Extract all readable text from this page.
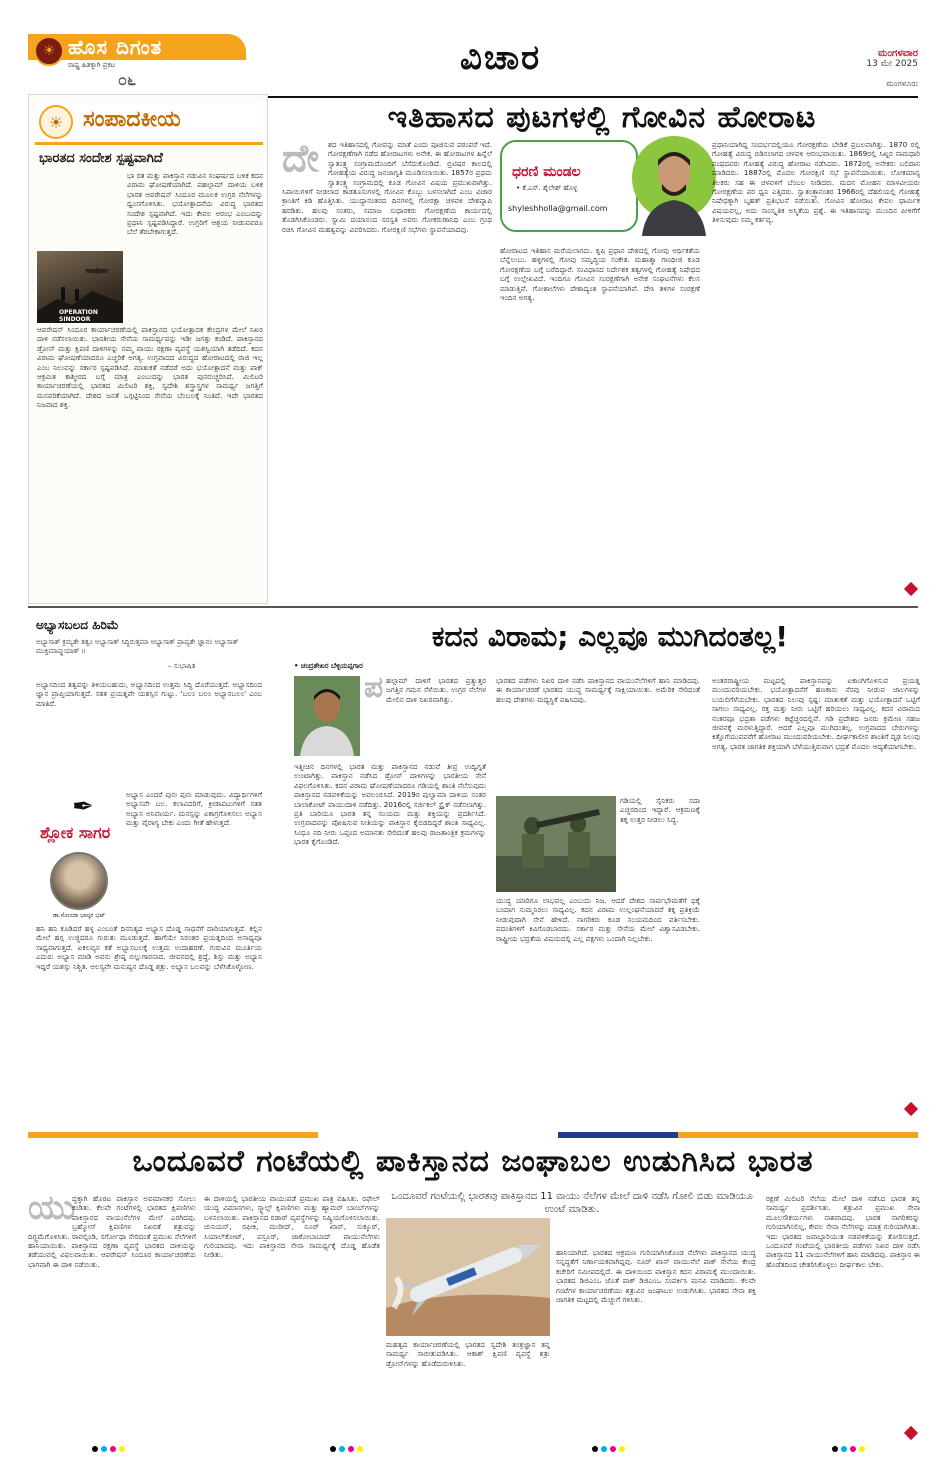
ಹೊಸ ದಿಗಂತ
☀
ರಾಷ್ಟ್ರ ಹಿತಕ್ಕಾಗಿ ಪ್ರಕಟ
೦೬
ವಿಚಾರ	ಮಂಗಳವಾರ
13 ಮೇ 2025
ಮಂಗಳೂರು
☀ ಸಂಪಾದಕೀಯ
ಭಾರತದ ಸಂದೇಶ ಸ್ಪಷ್ಟವಾಗಿದೆ
ಭಾ ರತ ಮತ್ತು ಪಾಕಿಸ್ತಾನ ನಡುವಿನ ಸಂಘರ್ಷದ ಬಳಿಕ ಕದನ ವಿರಾಮ ಘೋಷಣೆಯಾಗಿದೆ. ಪಹಲ್ಗಾಮ್ ದಾಳಿಯ ಬಳಿಕ ಭಾರತ ಆಪರೇಷನ್ ಸಿಂದೂರ ಮೂಲಕ ಉಗ್ರರ ನೆಲೆಗಳನ್ನು ಧ್ವಂಸಗೊಳಿಸಿತು. ಭಯೋತ್ಪಾದನೆಯ ವಿರುದ್ಧ ಭಾರತದ ಸಂದೇಶ ಸ್ಪಷ್ಟವಾಗಿದೆ. ಇದು ಕೇವಲ ಆರಂಭ ಎಂಬುದನ್ನು ಪ್ರಧಾನಿ ಸ್ಪಷ್ಟಪಡಿಸಿದ್ದಾರೆ. ಉಗ್ರರಿಗೆ ಆಶ್ರಯ ನೀಡುವವರೂ ಬೆಲೆ ತೆರಬೇಕಾಗುತ್ತದೆ.
OPERATION SINDOOR
ಆಪರೇಷನ್ ಸಿಂದೂರ ಕಾರ್ಯಾಚರಣೆಯಲ್ಲಿ ಪಾಕಿಸ್ತಾನದ ಭಯೋತ್ಪಾದಕ ಕೇಂದ್ರಗಳ ಮೇಲೆ ನಿಖರ ದಾಳಿ ನಡೆಸಲಾಯಿತು. ಭಾರತೀಯ ಸೇನೆಯ ಸಾಮರ್ಥ್ಯವನ್ನು ಇಡೀ ಜಗತ್ತು ಕಂಡಿದೆ. ಪಾಕಿಸ್ತಾನದ ಡ್ರೋನ್ ಮತ್ತು ಕ್ಷಿಪಣಿ ದಾಳಿಗಳನ್ನು ನಮ್ಮ ವಾಯು ರಕ್ಷಣಾ ವ್ಯವಸ್ಥೆ ಯಶಸ್ವಿಯಾಗಿ ತಡೆದಿದೆ. ಕದನ ವಿರಾಮ ಘೋಷಣೆಯಾದರೂ ಎಚ್ಚರಿಕೆ ಅಗತ್ಯ. ಉಗ್ರವಾದದ ವಿರುದ್ಧದ ಹೋರಾಟದಲ್ಲಿ ರಾಜಿ ಇಲ್ಲ ಎಂಬ ನಿಲುವನ್ನು ಸರ್ಕಾರ ಸ್ಪಷ್ಟಪಡಿಸಿದೆ. ಮಾತುಕತೆ ನಡೆದರೆ ಅದು ಭಯೋತ್ಪಾದನೆ ಮತ್ತು ಪಾಕ್ ಆಕ್ರಮಿತ ಕಾಶ್ಮೀರದ ಬಗ್ಗೆ ಮಾತ್ರ ಎಂಬುದನ್ನು ಭಾರತ ಪುನರುಚ್ಚರಿಸಿದೆ. ಮಿಲಿಟರಿ ಕಾರ್ಯಾಚರಣೆಯಲ್ಲಿ ಭಾರತದ ಮಿಲಿಟರಿ ಶಕ್ತಿ, ಸ್ವದೇಶಿ ಶಸ್ತ್ರಾಸ್ತ್ರಗಳ ಸಾಮರ್ಥ್ಯ ಜಗತ್ತಿಗೆ ಮನವರಿಕೆಯಾಗಿದೆ. ದೇಶದ ಜನತೆ ಒಗ್ಗಟ್ಟಿನಿಂದ ಸೇನೆಯ ಬೆಂಬಲಕ್ಕೆ ನಿಂತಿದೆ. ಇದೇ ಭಾರತದ ನಿಜವಾದ ಶಕ್ತಿ.
ಇತಿಹಾಸದ ಪುಟಗಳಲ್ಲಿ ಗೋವಿನ ಹೋರಾಟ
ದೇ	ಶದ ಇತಿಹಾಸದಲ್ಲಿ ಗೋವನ್ನು ಮಾತೆ ಎಂದು ಪೂಜಿಸುವ ಪರಂಪರೆ ಇದೆ. ಗೋರಕ್ಷಣೆಗಾಗಿ ನಡೆದ ಹೋರಾಟಗಳು ಅನೇಕ. ಈ ಹೋರಾಟಗಳ ಹಿನ್ನೆಲೆ ಸ್ವಾತಂತ್ರ್ಯ ಸಂಗ್ರಾಮದೊಂದಿಗೆ ಬೆಸೆದುಕೊಂಡಿದೆ. ಬ್ರಿಟಿಷರ ಕಾಲದಲ್ಲಿ ಗೋಹತ್ಯೆಯ ವಿರುದ್ಧ ಜನಜಾಗೃತಿ ಮೂಡಿಸಲಾಯಿತು. 1857ರ ಪ್ರಥಮ ಸ್ವಾತಂತ್ರ್ಯ ಸಂಗ್ರಾಮದಲ್ಲಿ ಕೂಡ ಗೋವಿನ ವಿಷಯ ಪ್ರಮುಖವಾಗಿತ್ತು. ಸಿಪಾಯಿಗಳಿಗೆ ನೀಡಲಾದ ಕಾಡತೂಸುಗಳಲ್ಲಿ ಗೋವಿನ ಕೊಬ್ಬು ಬಳಸಲಾಗಿದೆ ಎಂಬ ವಿಚಾರ ಕ್ರಾಂತಿಗೆ ಕಿಡಿ ಹೊತ್ತಿಸಿತು. ಯುದ್ಧಾನಂತರದ ದಿನಗಳಲ್ಲಿ ಗೋರಕ್ಷಾ ಚಳವಳಿ ದೇಶವ್ಯಾಪಿ ಹರಡಿತು. ಹಲವು ಸಂತರು, ಸಮಾಜ ಸುಧಾರಕರು ಗೋರಕ್ಷಣೆಯ ಕಾರ್ಯದಲ್ಲಿ ತೊಡಗಿಸಿಕೊಂಡರು. ಸ್ವಾಮಿ ದಯಾನಂದ ಸರಸ್ವತಿ ಅವರು ಗೋಕರುಣಾನಿಧಿ ಎಂಬ ಗ್ರಂಥ ರಚಿಸಿ ಗೋವಿನ ಮಹತ್ವವನ್ನು ವಿವರಿಸಿದರು. ಗೋರಕ್ಷಿಣಿ ಸಭೆಗಳು ಸ್ಥಾಪನೆಯಾದವು.
ಧರಣಿ ಮಂಡಲ
• ಕೆ.ಎಸ್. ಶೈಲೇಶ್ ಹೊಳ್ಳ
shyleshholla@gmail.com
ಹೋರಾಟದ ಇತಿಹಾಸ ಮರೆಯಲಾಗದು. ಕೃಷಿ ಪ್ರಧಾನ ದೇಶದಲ್ಲಿ ಗೋವು ಆರ್ಥಿಕತೆಯ ಬೆನ್ನೆಲುಬು. ಹಳ್ಳಿಗಳಲ್ಲಿ ಗೋವು ಸಮೃದ್ಧಿಯ ಸಂಕೇತ. ಮಹಾತ್ಮಾ ಗಾಂಧೀಜಿ ಕೂಡ ಗೋರಕ್ಷಣೆಯ ಬಗ್ಗೆ ಬರೆದಿದ್ದಾರೆ. ಸಂವಿಧಾನದ ನಿರ್ದೇಶಕ ತತ್ವಗಳಲ್ಲಿ ಗೋಹತ್ಯೆ ನಿಷೇಧದ ಬಗ್ಗೆ ಉಲ್ಲೇಖವಿದೆ. ಇಂದಿಗೂ ಗೋವಿನ ಸಂರಕ್ಷಣೆಗಾಗಿ ಅನೇಕ ಸಂಘಟನೆಗಳು ಕೆಲಸ ಮಾಡುತ್ತಿವೆ. ಗೋಶಾಲೆಗಳು ದೇಶಾದ್ಯಂತ ಸ್ಥಾಪನೆಯಾಗಿವೆ. ದೇಸಿ ತಳಿಗಳ ಸಂರಕ್ಷಣೆ ಇಂದಿನ ಅಗತ್ಯ.
ಪ್ರಧಾನಿಯಾಗಿದ್ದ ಸಂದರ್ಭದಲ್ಲಿಯೂ ಗೋರಕ್ಷಣೆಯ ಬೇಡಿಕೆ ಪ್ರಬಲವಾಗಿತ್ತು. 1870 ರಲ್ಲಿ ಗೋಹತ್ಯೆ ವಿರುದ್ಧ ಬಿಡಿಸಲಾಗದ ಚಳವಳಿ ಆರಂಭವಾಯಿತು. 1869ರಲ್ಲಿ ಸಿಖ್ಖರ ನಾಮಧಾರಿ ಪಂಥದವರು ಗೋಹತ್ಯೆ ವಿರುದ್ಧ ಹೋರಾಟ ನಡೆಸಿದರು. 1872ರಲ್ಲಿ ಅನೇಕರು ಬಲಿದಾನ ಮಾಡಿದರು. 1887ರಲ್ಲಿ ಮೊದಲ ಗೋರಕ್ಷಿಣಿ ಸಭೆ ಸ್ಥಾಪನೆಯಾಯಿತು. ಲೋಕಮಾನ್ಯ ತಿಲಕರು ಸಹ ಈ ಚಳವಳಿಗೆ ಬೆಂಬಲ ನೀಡಿದರು. ಮದನ ಮೋಹನ ಮಾಳವೀಯರು ಗೋರಕ್ಷಣೆಯ ಪರ ಧ್ವನಿ ಎತ್ತಿದರು. ಸ್ವಾತಂತ್ರ್ಯಾನಂತರ 1966ರಲ್ಲಿ ದೆಹಲಿಯಲ್ಲಿ ಗೋಹತ್ಯೆ ನಿಷೇಧಕ್ಕಾಗಿ ಬೃಹತ್ ಪ್ರತಿಭಟನೆ ನಡೆಯಿತು. ಗೋವಿನ ಹೋರಾಟ ಕೇವಲ ಧಾರ್ಮಿಕ ವಿಷಯವಲ್ಲ, ಅದು ಸಾಂಸ್ಕೃತಿಕ ಅಸ್ಮಿತೆಯ ಪ್ರಶ್ನೆ. ಈ ಇತಿಹಾಸವನ್ನು ಮುಂದಿನ ಪೀಳಿಗೆಗೆ ತಿಳಿಸುವುದು ನಮ್ಮ ಕರ್ತವ್ಯ.
ಅಭ್ಯಾಸಬಲದ ಹಿರಿಮೆ
ಅಭ್ಯಾಸಾತ್ ಕ್ರಮ್ಯತೇ ತತ್ವಂ ಅಭ್ಯಾಸಾತ್ ಸಿದ್ಧಿರುತ್ತಮಾ ಅಭ್ಯಾಸಾತ್ ಪ್ರಾಪ್ಯತೇ ಜ್ಞಾನಂ ಅಭ್ಯಾಸಾತ್ ಮುಕ್ತಿಮಾಪ್ನುಯಾತ್ ॥
– ಸುಭಾಷಿತ
ಅಭ್ಯಾಸದಿಂದ ತತ್ವವನ್ನು ತಿಳಿಯಬಹುದು, ಅಭ್ಯಾಸದಿಂದ ಉತ್ತಮ ಸಿದ್ಧಿ ದೊರೆಯುತ್ತದೆ. ಅಭ್ಯಾಸದಿಂದ ಜ್ಞಾನ ಪ್ರಾಪ್ತಿಯಾಗುತ್ತದೆ. ಸತತ ಪ್ರಯತ್ನವೇ ಯಶಸ್ಸಿನ ಗುಟ್ಟು. 'ಬಲಂ ಬಲಂ ಅಭ್ಯಾಸಬಲಂ' ಎಂಬ ಮಾತಿದೆ.
✒
ಶ್ಲೋಕ ಸಾಗರ
ಡಾ.ಸೋಂದಾ ಭಾಸ್ಕರ ಭಟ್
ಅಭ್ಯಾಸ ಎಂದರೆ ಪುನಃ ಪುನಃ ಮಾಡುವುದು. ವಿದ್ಯಾರ್ಥಿಗಳಿಗೆ ಅಭ್ಯಾಸವೇ ಬಲ. ಕಲಾವಿದರಿಗೆ, ಕ್ರೀಡಾಪಟುಗಳಿಗೆ ಸತತ ಅಭ್ಯಾಸ ಅನಿವಾರ್ಯ. ಮನಸ್ಸನ್ನು ಏಕಾಗ್ರಗೊಳಿಸಲು ಅಭ್ಯಾಸ ಮತ್ತು ವೈರಾಗ್ಯ ಬೇಕು ಎಂದು ಗೀತೆ ಹೇಳುತ್ತದೆ.
ಹನಿ ಹನಿ ಕೂಡಿದರೆ ಹಳ್ಳ ಎಂಬಂತೆ ದಿನನಿತ್ಯದ ಅಭ್ಯಾಸ ದೊಡ್ಡ ಸಾಧನೆಗೆ ದಾರಿಯಾಗುತ್ತದೆ. ಕಲ್ಲಿನ ಮೇಲೆ ಹಗ್ಗ ಉಜ್ಜಿದರೂ ಗುರುತು ಮೂಡುತ್ತದೆ. ಹಾಗೆಯೇ ನಿರಂತರ ಪ್ರಯತ್ನದಿಂದ ಅಸಾಧ್ಯವೂ ಸಾಧ್ಯವಾಗುತ್ತದೆ. ಏಕಲವ್ಯನ ಕತೆ ಅಭ್ಯಾಸಬಲಕ್ಕೆ ಉತ್ತಮ ಉದಾಹರಣೆ. ಗುರುವಿನ ಮೂರ್ತಿಯ ಎದುರು ಅಭ್ಯಾಸ ಮಾಡಿ ಅವನು ಶ್ರೇಷ್ಠ ಬಿಲ್ಲುಗಾರನಾದ. ಜೀವನದಲ್ಲಿ ಶ್ರದ್ಧೆ, ಶಿಸ್ತು ಮತ್ತು ಅಭ್ಯಾಸ ಇದ್ದರೆ ಯಶಸ್ಸು ನಿಶ್ಚಿತ. ಆಲಸ್ಯವೇ ಮನುಷ್ಯನ ದೊಡ್ಡ ಶತ್ರು. ಅಭ್ಯಾಸ ಬಲವನ್ನು ಬೆಳೆಸಿಕೊಳ್ಳೋಣ.
ಕದನ ವಿರಾಮ; ಎಲ್ಲವೂ ಮುಗಿದಂತಲ್ಲ!
• ಚಂದ್ರಶೇಖರ ಬೆಳ್ಳಿಯಪ್ಪಗಾರ
ಪ ಹಲ್ಗಾಮ್ ದಾಳಿಗೆ ಭಾರತದ ಪ್ರತ್ಯುತ್ತರ ಜಗತ್ತಿನ ಗಮನ ಸೆಳೆಯಿತು. ಉಗ್ರರ ನೆಲೆಗಳ ಮೇಲಿನ ದಾಳಿ ನಿಖರವಾಗಿತ್ತು.
ಇತ್ತೀಚಿನ ದಿನಗಳಲ್ಲಿ ಭಾರತ ಮತ್ತು ಪಾಕಿಸ್ತಾನದ ನಡುವೆ ತೀವ್ರ ಉದ್ವಿಗ್ನತೆ ಉಂಟಾಗಿತ್ತು. ಪಾಕಿಸ್ತಾನ ನಡೆಸಿದ ಡ್ರೋನ್ ದಾಳಿಗಳನ್ನು ಭಾರತೀಯ ಸೇನೆ ವಿಫಲಗೊಳಿಸಿತು. ಕದನ ವಿರಾಮ ಘೋಷಣೆಯಾದರೂ ಗಡಿಯಲ್ಲಿ ಶಾಂತಿ ನೆಲೆಸುವುದು ಪಾಕಿಸ್ತಾನದ ನಡವಳಿಕೆಯನ್ನು ಅವಲಂಬಿಸಿದೆ. 2019ರ ಪುಲ್ವಾಮಾ ದಾಳಿಯ ನಂತರ ಬಾಲಾಕೋಟ್ ವಾಯುದಾಳಿ ನಡೆದಿತ್ತು. 2016ರಲ್ಲಿ ಸರ್ಜಿಕಲ್ ಸ್ಟ್ರೈಕ್ ನಡೆಸಲಾಗಿತ್ತು. ಪ್ರತಿ ಬಾರಿಯೂ ಭಾರತ ತನ್ನ ಸಂಯಮ ಮತ್ತು ಶಕ್ತಿಯನ್ನು ಪ್ರದರ್ಶಿಸಿದೆ. ಉಗ್ರವಾದವನ್ನು ಪೋಷಿಸುವ ನೀತಿಯನ್ನು ಪಾಕಿಸ್ತಾನ ಕೈಬಿಡದಿದ್ದರೆ ಶಾಂತಿ ಸಾಧ್ಯವಿಲ್ಲ. ಸಿಂಧೂ ನದಿ ನೀರು ಒಪ್ಪಂದ ಅಮಾನತು ಸೇರಿದಂತೆ ಹಲವು ರಾಜತಾಂತ್ರಿಕ ಕ್ರಮಗಳನ್ನು ಭಾರತ ಕೈಗೊಂಡಿದೆ.
ಭಾರತದ ಪಡೆಗಳು ನಿಖರ ದಾಳಿ ನಡೆಸಿ ಪಾಕಿಸ್ತಾನದ ವಾಯುನೆಲೆಗಳಿಗೆ ಹಾನಿ ಮಾಡಿದವು. ಈ ಕಾರ್ಯಾಚರಣೆ ಭಾರತದ ಯುದ್ಧ ಸಾಮರ್ಥ್ಯಕ್ಕೆ ಸಾಕ್ಷಿಯಾಯಿತು. ಅಮೆರಿಕ ಸೇರಿದಂತೆ ಹಲವು ದೇಶಗಳು ಮಧ್ಯಸ್ಥಿಕೆ ವಹಿಸಿದವು.
ಗಡಿಯಲ್ಲಿ ಸೈನಿಕರು ಸದಾ ಎಚ್ಚರದಿಂದ ಇದ್ದಾರೆ. ಆಕ್ರಮಣಕ್ಕೆ ತಕ್ಕ ಉತ್ತರ ನೀಡಲು ಸಿದ್ಧ.
ಯುದ್ಧ ಯಾರಿಗೂ ಲಾಭವಲ್ಲ ಎಂಬುದು ನಿಜ. ಆದರೆ ದೇಶದ ಸಾರ್ವಭೌಮತೆಗೆ ಧಕ್ಕೆ ಬಂದಾಗ ಸುಮ್ಮನಿರಲು ಸಾಧ್ಯವಿಲ್ಲ. ಕದನ ವಿರಾಮ ಉಲ್ಲಂಘನೆಯಾದರೆ ತಕ್ಕ ಪ್ರತಿಕ್ರಿಯೆ ನೀಡುವುದಾಗಿ ಸೇನೆ ಹೇಳಿದೆ. ನಾಗರಿಕರು ಕೂಡ ಸಂಯಮದಿಂದ ವರ್ತಿಸಬೇಕು. ವದಂತಿಗಳಿಗೆ ಕಿವಿಗೊಡಬಾರದು. ಸರ್ಕಾರ ಮತ್ತು ಸೇನೆಯ ಮೇಲೆ ವಿಶ್ವಾಸವಿಡಬೇಕು. ರಾಷ್ಟ್ರೀಯ ಭದ್ರತೆಯ ವಿಷಯದಲ್ಲಿ ಎಲ್ಲ ಪಕ್ಷಗಳು ಒಂದಾಗಿ ನಿಲ್ಲಬೇಕು.
ಅಂತರರಾಷ್ಟ್ರೀಯ ಮಟ್ಟದಲ್ಲಿ ಪಾಕಿಸ್ತಾನವನ್ನು ಏಕಾಂಗಿಗೊಳಿಸುವ ಪ್ರಯತ್ನ ಮುಂದುವರಿಯಬೇಕು. ಭಯೋತ್ಪಾದನೆಗೆ ಹಣಕಾಸು ನೆರವು ನೀಡುವ ಜಾಲಗಳನ್ನು ಬಯಲಿಗೆಳೆಯಬೇಕು. ಭಾರತದ ನಿಲುವು ಸ್ಪಷ್ಟ: ಮಾತುಕತೆ ಮತ್ತು ಭಯೋತ್ಪಾದನೆ ಒಟ್ಟಿಗೆ ಸಾಗಲು ಸಾಧ್ಯವಿಲ್ಲ. ರಕ್ತ ಮತ್ತು ನೀರು ಒಟ್ಟಿಗೆ ಹರಿಯಲು ಸಾಧ್ಯವಿಲ್ಲ. ಕದನ ವಿರಾಮದ ನಂತರವೂ ಭದ್ರತಾ ಪಡೆಗಳು ಕಟ್ಟೆಚ್ಚರದಲ್ಲಿವೆ. ಗಡಿ ಪ್ರದೇಶದ ಜನರು ಕ್ರಮೇಣ ಸಹಜ ಜೀವನಕ್ಕೆ ಮರಳುತ್ತಿದ್ದಾರೆ. ಆದರೆ ಎಲ್ಲವೂ ಮುಗಿದಂತಲ್ಲ. ಉಗ್ರವಾದದ ಬೇರುಗಳನ್ನು ಕಿತ್ತೊಗೆಯುವವರೆಗೆ ಹೋರಾಟ ಮುಂದುವರಿಯಬೇಕು. ದೀರ್ಘಕಾಲೀನ ಶಾಂತಿಗೆ ದೃಢ ನಿಲುವು ಅಗತ್ಯ. ಭಾರತ ಜಾಗತಿಕ ಶಕ್ತಿಯಾಗಿ ಬೆಳೆಯುತ್ತಿರುವಾಗ ಭದ್ರತೆ ಮೊದಲ ಆದ್ಯತೆಯಾಗಬೇಕು.
ಒಂದೂವರೆ ಗಂಟೆಯಲ್ಲಿ ಪಾಕಿಸ್ತಾನದ ಜಂಘಾಬಲ ಉಡುಗಿಸಿದ ಭಾರತ
ಯು
ದ್ಧಕ್ಕಾಗಿ ಹೊರಟ ಪಾಕಿಸ್ತಾನ ಅವಮಾನಕರ ಸೋಲು ಕಂಡಿತು. ಕೆಲವೇ ಗಂಟೆಗಳಲ್ಲಿ ಭಾರತದ ಕ್ಷಿಪಣಿಗಳು ಪಾಕಿಸ್ತಾನದ ವಾಯುನೆಲೆಗಳ ಮೇಲೆ ಎರಗಿದವು. ಬ್ರಹ್ಮೋಸ್ ಕ್ಷಿಪಣಿಗಳ ನಿಖರತೆ ಶತ್ರುವನ್ನು ದಿಗ್ಭ್ರಮೆಗೊಳಿಸಿತು. ರಾವಲ್ಪಿಂಡಿ, ಸರ್ಗೋಧಾ ಸೇರಿದಂತೆ ಪ್ರಮುಖ ನೆಲೆಗಳಿಗೆ ಹಾನಿಯಾಯಿತು. ಪಾಕಿಸ್ತಾನದ ರಕ್ಷಣಾ ವ್ಯವಸ್ಥೆ ಭಾರತದ ದಾಳಿಯನ್ನು ತಡೆಯುವಲ್ಲಿ ವಿಫಲವಾಯಿತು. ಆಪರೇಷನ್ ಸಿಂದೂರ ಕಾರ್ಯಾಚರಣೆಯ ಭಾಗವಾಗಿ ಈ ದಾಳಿ ನಡೆಯಿತು.
ಈ ದಾಳಿಯಲ್ಲಿ ಭಾರತೀಯ ವಾಯುಪಡೆ ಪ್ರಮುಖ ಪಾತ್ರ ವಹಿಸಿತು. ರಫೇಲ್ ಯುದ್ಧ ವಿಮಾನಗಳು, ಸ್ಕ್ಯಾಲ್ಪ್ ಕ್ಷಿಪಣಿಗಳು ಮತ್ತು ಹ್ಯಾಮರ್ ಬಾಂಬ್‌ಗಳನ್ನು ಬಳಸಲಾಯಿತು. ಪಾಕಿಸ್ತಾನದ ರಡಾರ್ ವ್ಯವಸ್ಥೆಗಳನ್ನು ನಿಷ್ಕ್ರಿಯಗೊಳಿಸಲಾಯಿತು. ಚುನಿಯನ್, ರಫೀಕಿ, ಮುರೀದ್, ನೂರ್ ಖಾನ್, ಸುಕ್ಕೂರ್, ಸಿಯಾಲ್‌ಕೋಟ್, ಪಸ್ರೂರ್, ಜಾಕೋಬಾಬಾದ್ ವಾಯುನೆಲೆಗಳು ಗುರಿಯಾದವು. ಇದು ಪಾಕಿಸ್ತಾನದ ಸೇನಾ ಸಾಮರ್ಥ್ಯಕ್ಕೆ ದೊಡ್ಡ ಹೊಡೆತ ನೀಡಿತು.
ಒಂದೂವರೆ ಗಂಟೆಯಲ್ಲಿ ಭಾರತವು ಪಾಕಿಸ್ತಾನದ 11 ವಾಯು ನೆಲೆಗಳ ಮೇಲೆ ದಾಳಿ ನಡೆಸಿ ಗೋಲಿ ಬಿಡು ಮಾಡಿಯೂ ಉಂಟೆ ಮಾಡಿತು.
ಮಹತ್ವದ ಕಾರ್ಯಾಚರಣೆಯಲ್ಲಿ ಭಾರತದ ಸ್ವದೇಶಿ ತಂತ್ರಜ್ಞಾನ ತನ್ನ ಸಾಮರ್ಥ್ಯ ಸಾಬೀತುಪಡಿಸಿತು. ಆಕಾಶ್ ಕ್ಷಿಪಣಿ ವ್ಯವಸ್ಥೆ ಶತ್ರು ಡ್ರೋನ್‌ಗಳನ್ನು ಹೊಡೆದುರುಳಿಸಿತು.
ಹಾನಿಯಾಗಿದೆ. ಭಾರತದ ಆಕ್ರಮಣ ಗುರಿಯಾಗಿಸಿಕೊಂಡ ನೆಲೆಗಳು ಪಾಕಿಸ್ತಾನದ ಯುದ್ಧ ಸನ್ನದ್ಧತೆಗೆ ನಿರ್ಣಾಯಕವಾಗಿದ್ದವು. ನೂರ್ ಖಾನ್ ವಾಯುನೆಲೆ ಪಾಕ್ ಸೇನೆಯ ಕೇಂದ್ರ ಕಚೇರಿಗೆ ಸಮೀಪದಲ್ಲಿದೆ. ಈ ದಾಳಿಯಿಂದ ಪಾಕಿಸ್ತಾನ ಕದನ ವಿರಾಮಕ್ಕೆ ಮುಂದಾಯಿತು. ಭಾರತದ ಡಿಜಿಎಂಒ ಜೊತೆ ಪಾಕ್ ಡಿಜಿಎಂಒ ಸಂಪರ್ಕಿಸಿ ಮನವಿ ಮಾಡಿದರು. ಕೆಲವೇ ಗಂಟೆಗಳ ಕಾರ್ಯಾಚರಣೆಯು ಶತ್ರುವಿನ ಜಂಘಾಬಲ ಉಡುಗಿಸಿತು. ಭಾರತದ ಸೇನಾ ಶಕ್ತಿ ಜಾಗತಿಕ ಮಟ್ಟದಲ್ಲಿ ಮೆಚ್ಚುಗೆ ಗಳಿಸಿತು.
ರಕ್ಷಣೆ ಮಿಲಿಟರಿ ನೆಲೆಯ ಮೇಲೆ ದಾಳಿ ನಡೆಸಿದ ಭಾರತ ತನ್ನ ಸಾಮರ್ಥ್ಯ ಪ್ರದರ್ಶಿಸಿತು. ಶತ್ರುವಿನ ಪ್ರಮುಖ ಸೇನಾ ಮೂಲಸೌಕರ್ಯಗಳು ನಾಶವಾದವು. ಭಾರತ ನಾಗರಿಕರನ್ನು ಗುರಿಯಾಗಿಸಲಿಲ್ಲ, ಕೇವಲ ಸೇನಾ ನೆಲೆಗಳನ್ನು ಮಾತ್ರ ಗುರಿಯಾಗಿಸಿತು. ಇದು ಭಾರತದ ಜವಾಬ್ದಾರಿಯುತ ನಡವಳಿಕೆಯನ್ನು ತೋರಿಸುತ್ತದೆ. ಒಂದೂವರೆ ಗಂಟೆಯಲ್ಲಿ ಭಾರತೀಯ ಪಡೆಗಳು ನಿಖರ ದಾಳಿ ನಡೆಸಿ ಪಾಕಿಸ್ತಾನದ 11 ವಾಯುನೆಲೆಗಳಿಗೆ ಹಾನಿ ಮಾಡಿದವು. ಪಾಕಿಸ್ತಾನ ಈ ಹೊಡೆತದಿಂದ ಚೇತರಿಸಿಕೊಳ್ಳಲು ದೀರ್ಘಕಾಲ ಬೇಕು.
